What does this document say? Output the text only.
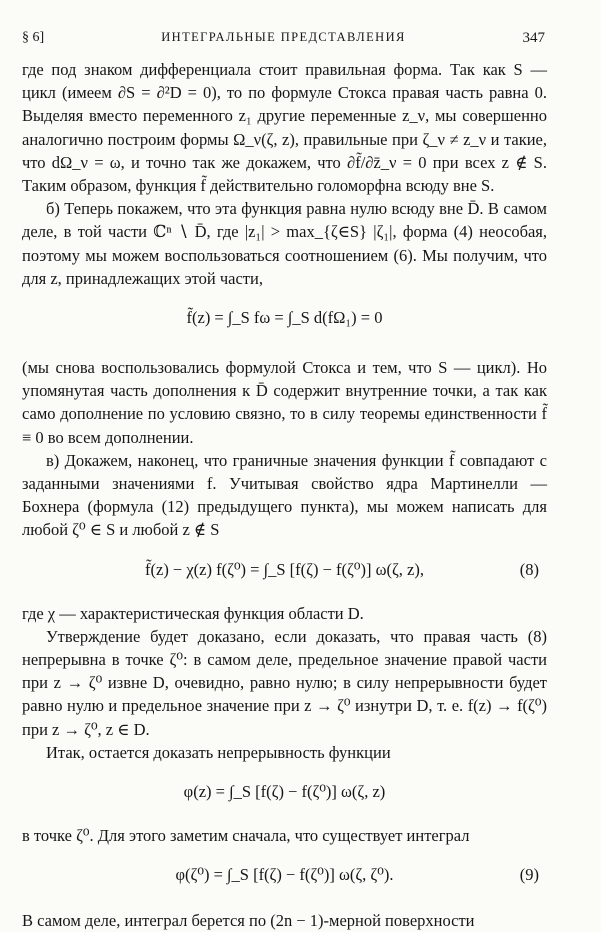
§ 6]	ИНТЕГРАЛЬНЫЕ ПРЕДСТАВЛЕНИЯ	347

где под знаком дифференциала стоит правильная форма. Так как S — цикл (имеем ∂S = ∂²D = 0), то по формуле Стокса правая часть равна 0. Выделяя вместо переменного z₁ другие переменные z_ν, мы совершенно аналогично построим формы Ω_ν(ζ, z), правильные при ζ_ν ≠ z_ν и такие, что dΩ_ν = ω, и точно так же докажем, что ∂f̃/∂z̄_ν = 0 при всех z ∉ S. Таким образом, функция f̃ действительно голоморфна всюду вне S.

б) Теперь покажем, что эта функция равна нулю всюду вне D̄. В самом деле, в той части ℂⁿ ∖ D̄, где |z₁| > max_{ζ∈S} |ζ₁|, форма (4) неособая, поэтому мы можем воспользоваться соотношением (6). Мы получим, что для z, принадлежащих этой части,

f̃(z) = ∫_S fω = ∫_S d(fΩ₁) = 0

(мы снова воспользовались формулой Стокса и тем, что S — цикл). Но упомянутая часть дополнения к D̄ содержит внутренние точки, а так как само дополнение по условию связно, то в силу теоремы единственности f̃ ≡ 0 во всем дополнении.

в) Докажем, наконец, что граничные значения функции f̃ совпадают с заданными значениями f. Учитывая свойство ядра Мартинелли — Бохнера (формула (12) предыдущего пункта), мы можем написать для любой ζ⁰ ∈ S и любой z ∉ S

f̃(z) − χ(z) f(ζ⁰) = ∫_S [f(ζ) − f(ζ⁰)] ω(ζ, z),	(8)

где χ — характеристическая функция области D.

Утверждение будет доказано, если доказать, что правая часть (8) непрерывна в точке ζ⁰: в самом деле, предельное значение правой части при z → ζ⁰ извне D, очевидно, равно нулю; в силу непрерывности будет равно нулю и предельное значение при z → ζ⁰ изнутри D, т. е. f(z) → f(ζ⁰) при z → ζ⁰, z ∈ D.

Итак, остается доказать непрерывность функции

φ(z) = ∫_S [f(ζ) − f(ζ⁰)] ω(ζ, z)

в точке ζ⁰. Для этого заметим сначала, что существует интеграл

φ(ζ⁰) = ∫_S [f(ζ) − f(ζ⁰)] ω(ζ, ζ⁰).	(9)

В самом деле, интеграл берется по (2n − 1)-мерной поверхности
